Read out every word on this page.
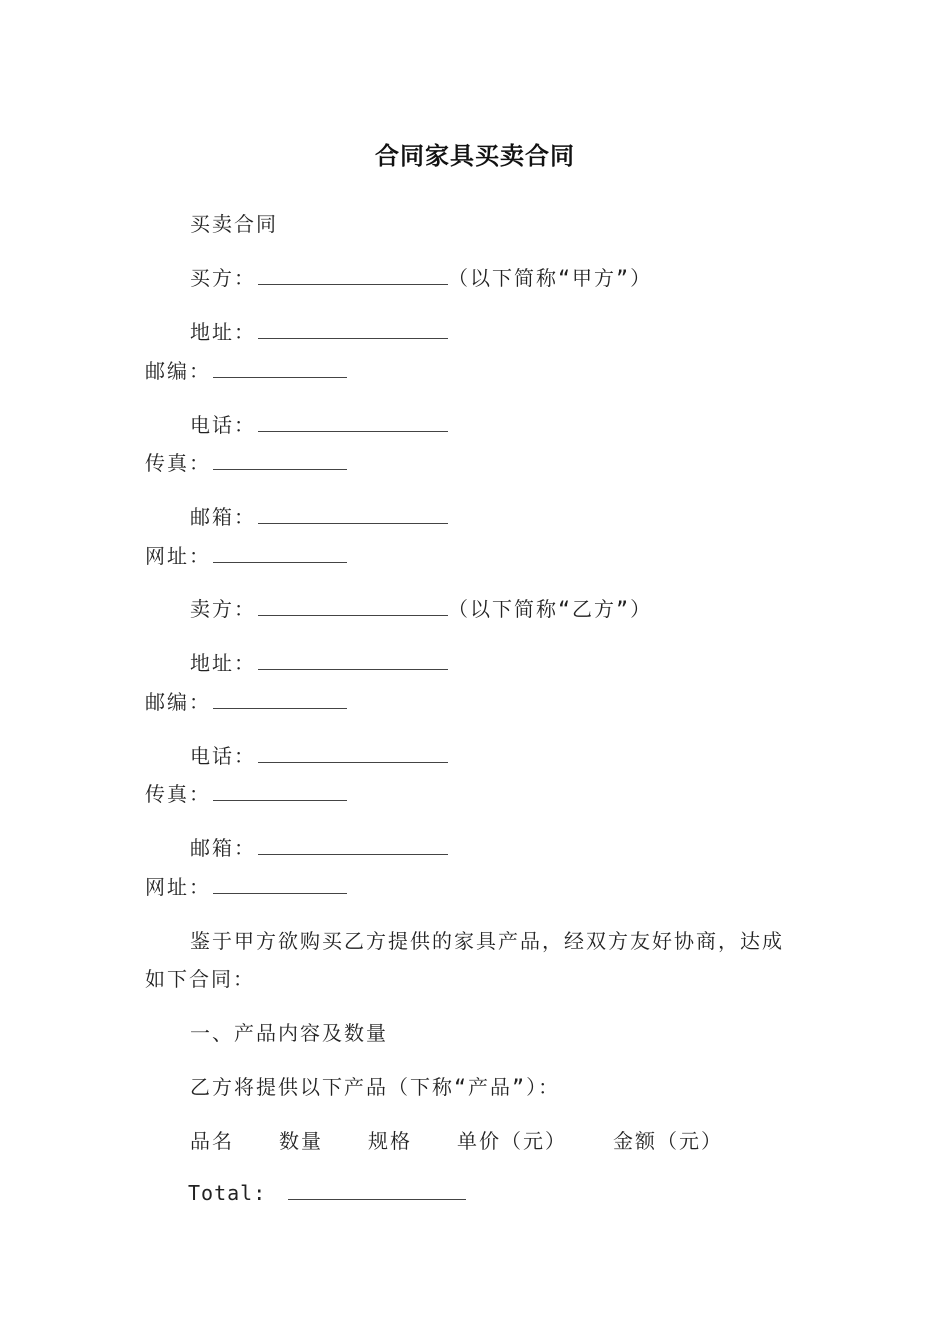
合同家具买卖合同
买卖合同
买方：	（以下简称“甲方”）
地址：
邮编：
电话：
传真：
邮箱：
网址：
卖方：	（以下简称“乙方”）
地址：
邮编：
电话：
传真：
邮箱：
网址：
鉴于甲方欲购买乙方提供的家具产品，经双方友好协商，达成
如下合同：
一、产品内容及数量
乙方将提供以下产品（下称“产品”）：
品名 数量 规格 单价（元） 金额（元）
Total:
